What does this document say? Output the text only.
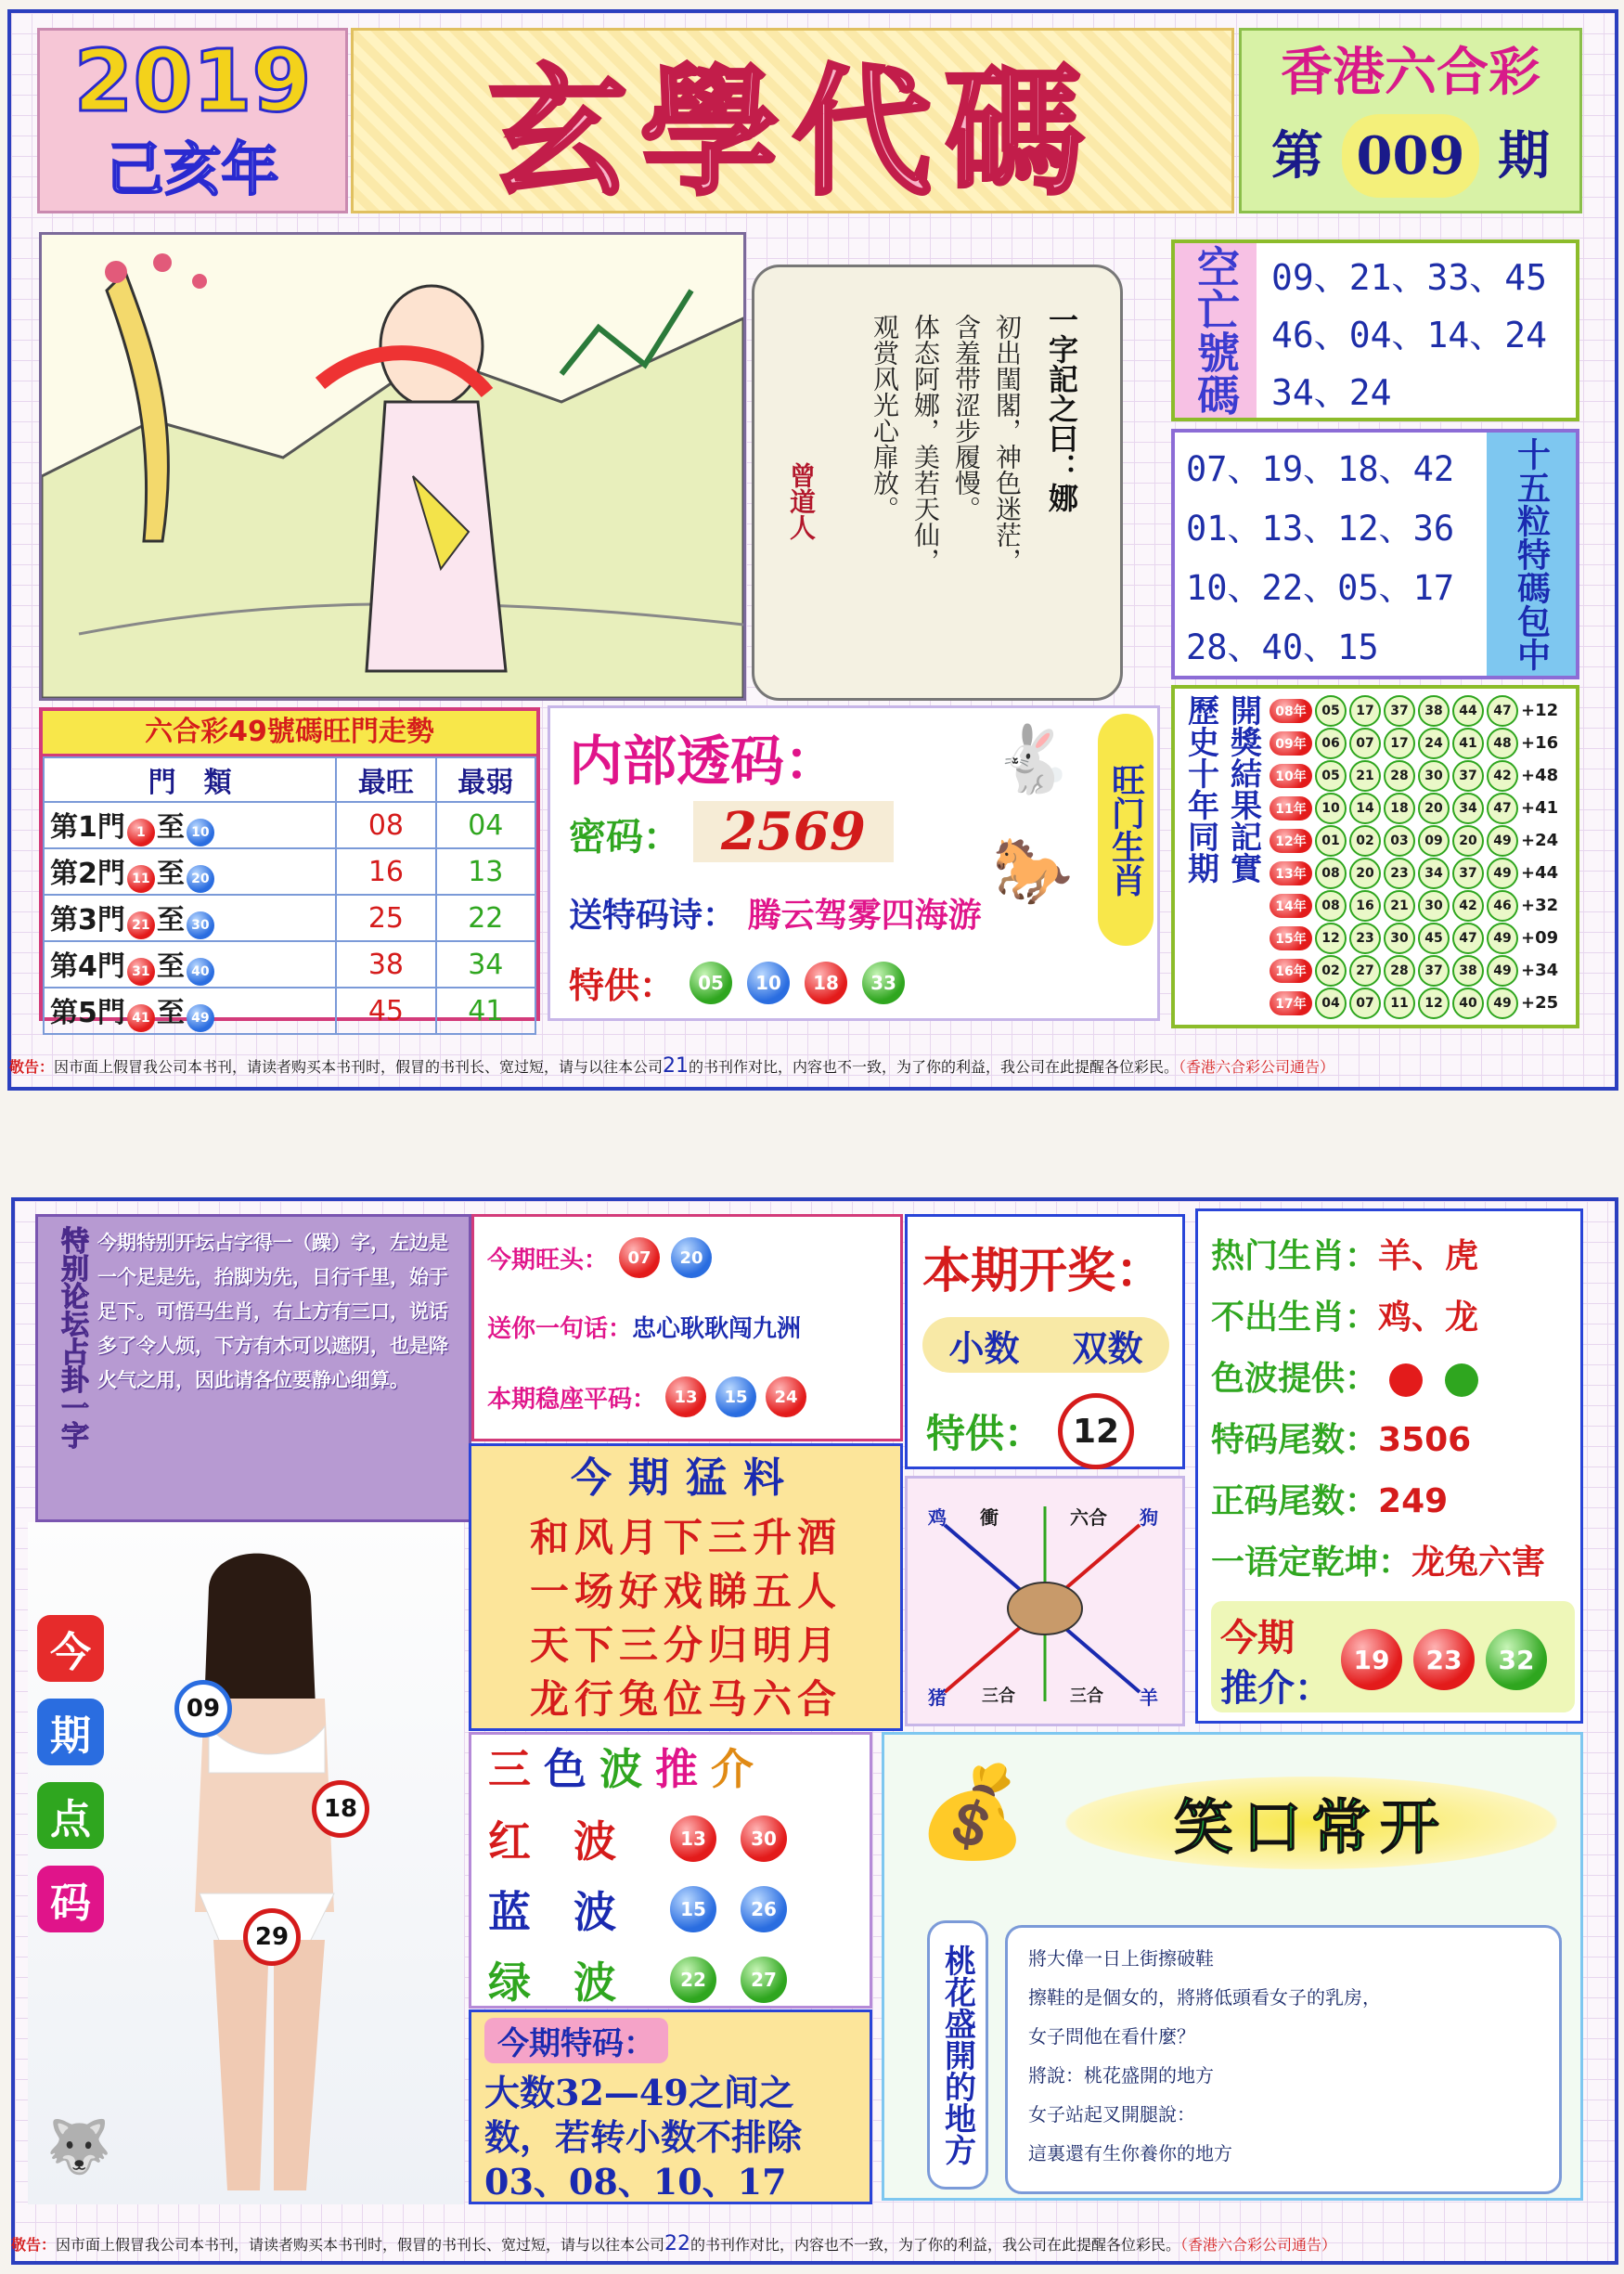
2019
己亥年	玄學代碼	香港六合彩
第 009 期
一字記之曰：娜
初出閨閣，神色迷茫，
含羞带涩步履慢。
体态阿娜，美若天仙，
观赏风光心扉放。
曾道人
空亡號碼 09、21、33、45
46、04、14、24
34、24
07、19、18、42
01、13、12、36
10、22、05、17
28、40、15	十五粒特碼包中
六合彩49號碼旺門走勢
門　類	最旺	最弱
第1門 1 至 10	08	04
第2門 11 至 20	16	13
第3門 21 至 30	25	22
第4門 31 至 40	38	34
第5門 41 至 49	45	41
内部透码：
密码： 2569
送特码诗： 腾云驾雾四海游
特供：	05	10	18	33
🐇
🐎 旺门生肖 歷史十年同期 開獎結果記實	08年	05	17	37	38	44	47 +12
09年	06	07	17	24	41	48 +16
10年	05	21	28	30	37	42 +48
11年	10	14	18	20	34	47 +41
12年	01	02	03	09	20	49 +24
13年	08	20	23	34	37	49 +44
14年	08	16	21	30	42	46 +32
15年	12	23	30	45	47	49 +09
16年	02	27	28	37	38	49 +34
17年	04	07	11	12	40	49 +25
敬告：因市面上假冒我公司本书刊，请读者购买本书刊时，假冒的书刊长、宽过短，请与以往本公司21的书刊作对比，内容也不一致，为了你的利益，我公司在此提醒各位彩民。（香港六合彩公司通告）
特别论坛占卦一字 今期特别开坛占字得一（躁）字，左边是一个足是先，抬脚为先，日行千里，始于足下。可悟马生肖，右上方有三口，说话多了令人烦，下方有木可以遮阴，也是降火气之用，因此请各位要静心细算。
今期旺头：	07	20
送你一句话：忠心耿耿闯九洲
本期稳座平码：	13	15	24
本期开奖：
小数 双数
特供： 12
热门生肖：羊、虎
不出生肖：鸡、龙
色波提供：
特码尾数：3506
正码尾数：249
一语定乾坤：龙兔六害
今期
推介：
19	23	32
今期猛料
和风月下三升酒
一场好戏睇五人
天下三分归明月
龙行兔位马六合
鸡 衝	六合 狗
猪 三合	三合 羊
🐺
今
期
点
码
09
18
29
三 色 波 推 介
红　波	13	30
蓝　波	15	26
绿　波	22	27
今期特码：
大数32—49之间之数，若转小数不排除03、08、10、17
💰 笑口常开
桃花盛開的地方	將大偉一日上街擦破鞋
擦鞋的是個女的，將將低頭看女子的乳房，
女子問他在看什麼？
將說：桃花盛開的地方
女子站起叉開腿說：
這裏還有生你養你的地方
敬告：因市面上假冒我公司本书刊，请读者购买本书刊时，假冒的书刊长、宽过短，请与以往本公司22的书刊作对比，内容也不一致，为了你的利益，我公司在此提醒各位彩民。（香港六合彩公司通告）
